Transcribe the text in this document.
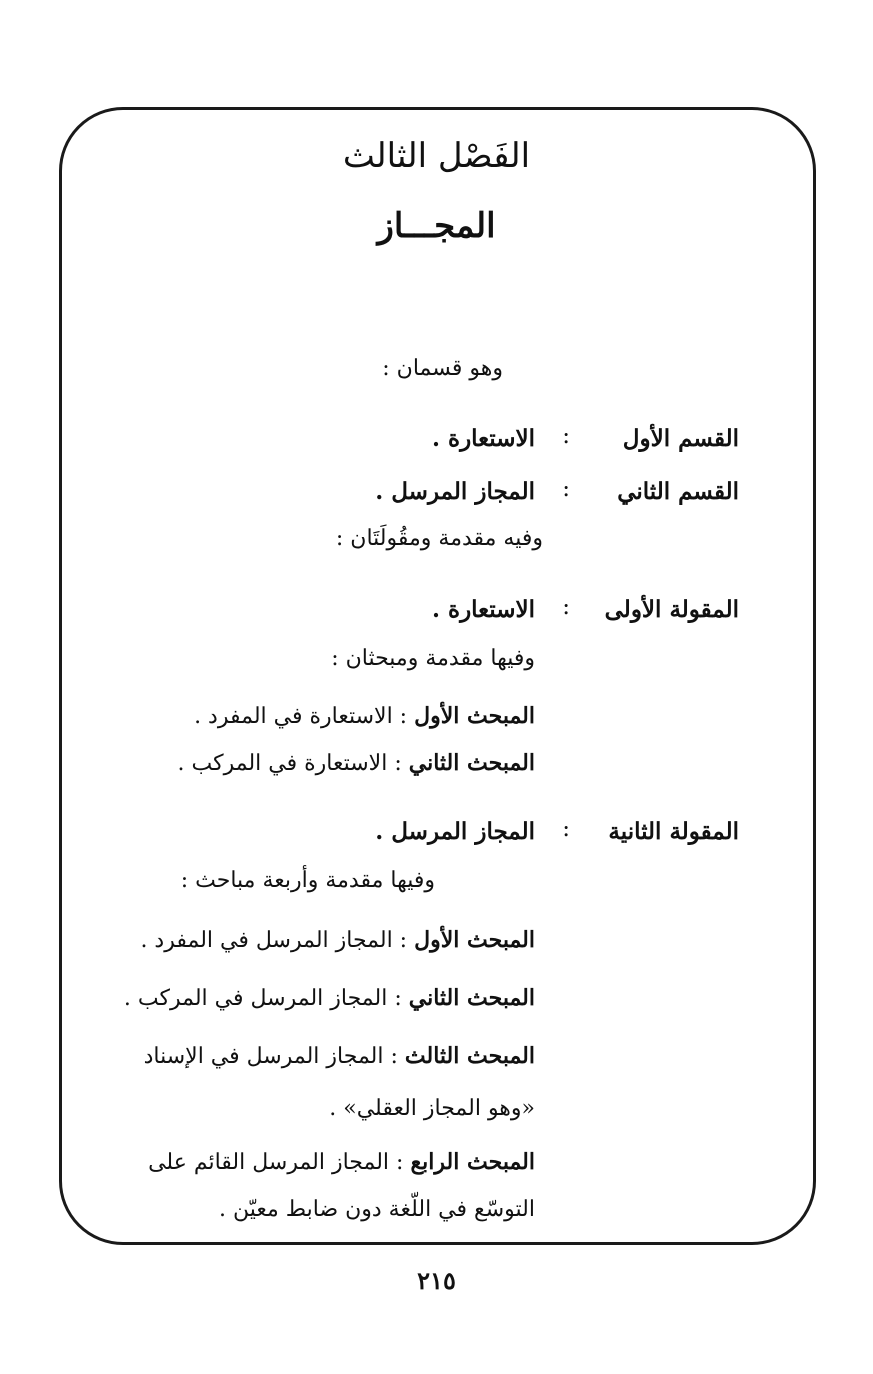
الفَصْل الثالث
المجـــاز
وهو قسمان :
القسم الأول
:
الاستعارة .
القسم الثاني
:
المجاز المرسل .
وفيه مقدمة ومقُولَتَان :
المقولة الأولى
:
الاستعارة .
وفيها مقدمة ومبحثان :
المبحث الأول : الاستعارة في المفرد .
المبحث الثاني : الاستعارة في المركب .
المقولة الثانية
:
المجاز المرسل .
وفيها مقدمة وأربعة مباحث :
المبحث الأول : المجاز المرسل في المفرد .
المبحث الثاني : المجاز المرسل في المركب .
المبحث الثالث : المجاز المرسل في الإسناد
«وهو المجاز العقلي» .
المبحث الرابع : المجاز المرسل القائم على
التوسّع في اللّغة دون ضابط معيّن .
٢١٥
